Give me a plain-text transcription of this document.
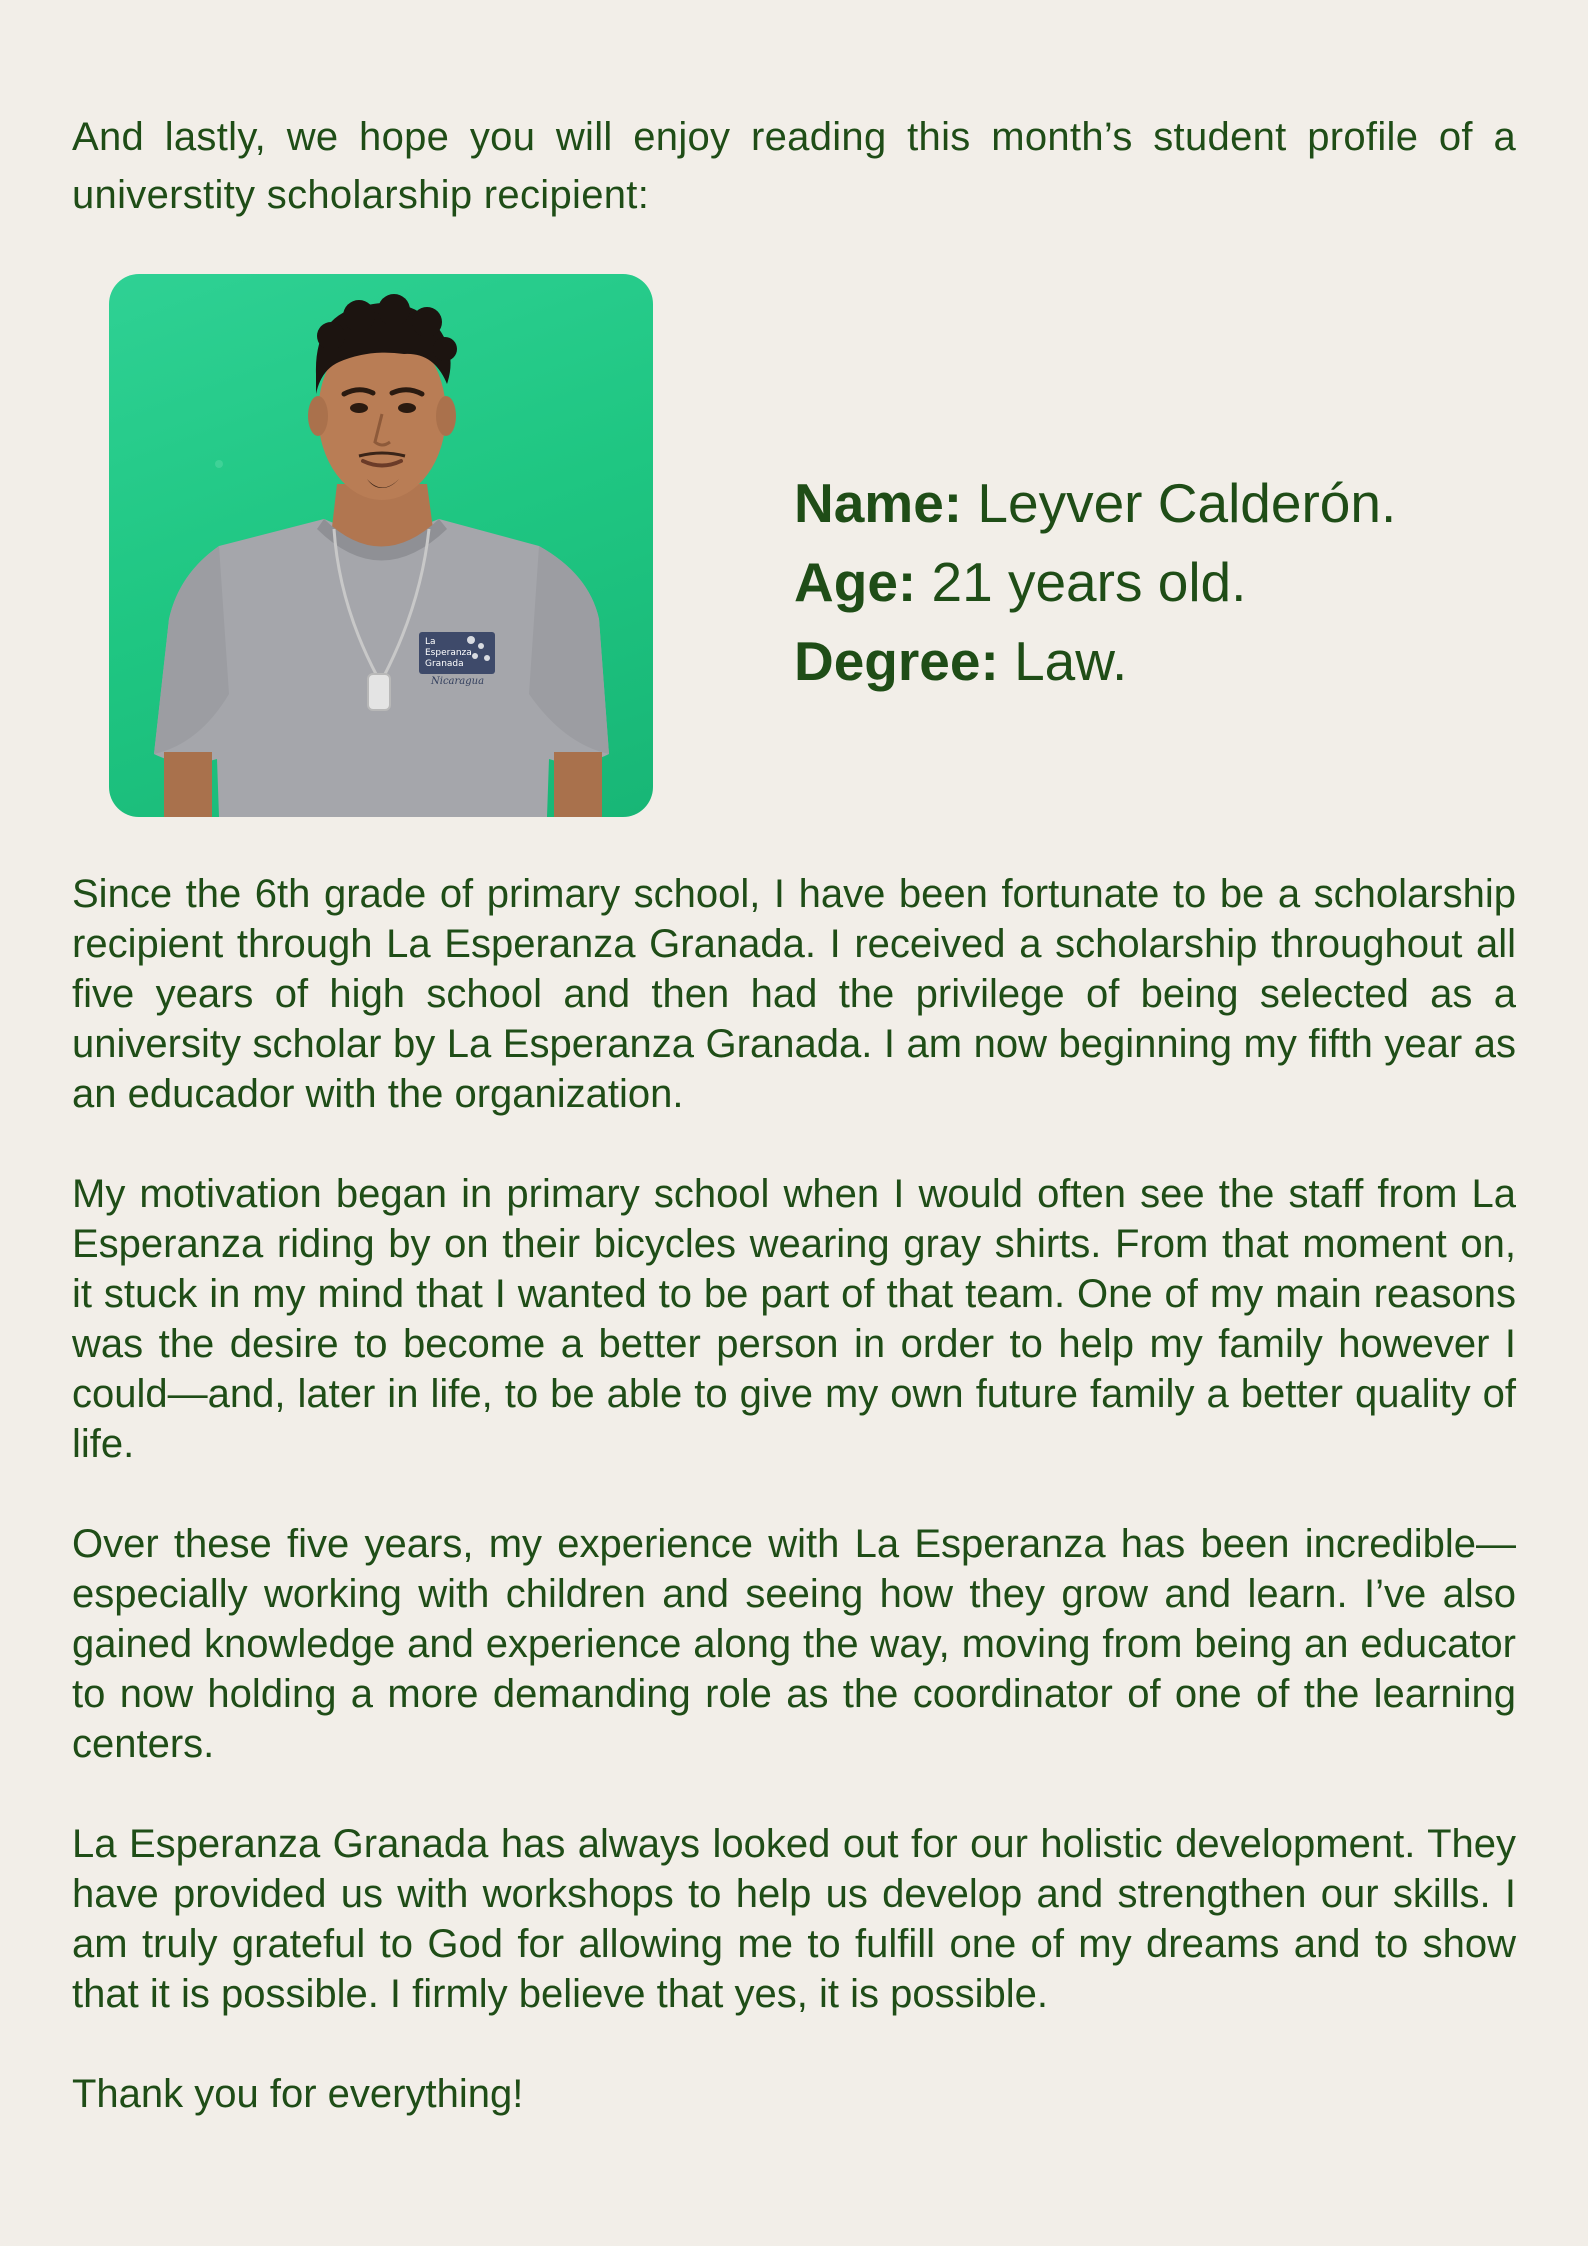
And lastly, we hope you will enjoy reading this month’s student profile of a universtity scholarship recipient:

La
Esperanza
Granada
Nicaragua
Name: Leyver Calderón.
Age: 21 years old.
Degree: Law.

Since the 6th grade of primary school, I have been fortunate to be a scholarship recipient through La Esperanza Granada. I received a scholarship throughout all five years of high school and then had the privilege of being selected as a university scholar by La Esperanza Granada. I am now beginning my fifth year as an educador with the organization.

My motivation began in primary school when I would often see the staff from La Esperanza riding by on their bicycles wearing gray shirts. From that moment on, it stuck in my mind that I wanted to be part of that team. One of my main reasons was the desire to become a better person in order to help my family however I could—and, later in life, to be able to give my own future family a better quality of life.

Over these five years, my experience with La Esperanza has been incredible—especially working with children and seeing how they grow and learn. I’ve also gained knowledge and experience along the way, moving from being an educator to now holding a more demanding role as the coordinator of one of the learning centers.

La Esperanza Granada has always looked out for our holistic development. They have provided us with workshops to help us develop and strengthen our skills. I am truly grateful to God for allowing me to fulfill one of my dreams and to show that it is possible. I firmly believe that yes, it is possible.

Thank you for everything!
